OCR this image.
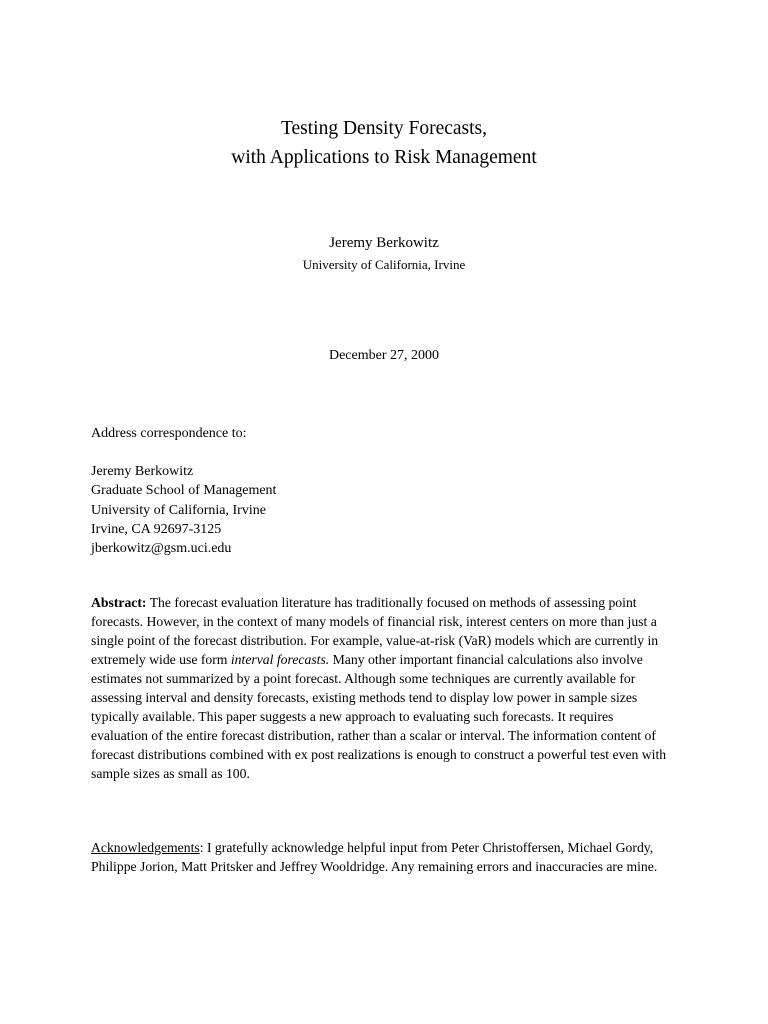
Testing Density Forecasts,
with Applications to Risk Management
Jeremy Berkowitz
University of California, Irvine
December 27, 2000
Address correspondence to:
Jeremy Berkowitz
Graduate School of Management
University of California, Irvine
Irvine, CA 92697-3125
jberkowitz@gsm.uci.edu
Abstract: The forecast evaluation literature has traditionally focused on methods of assessing point
forecasts. However, in the context of many models of financial risk, interest centers on more than just a
single point of the forecast distribution. For example, value-at-risk (VaR) models which are currently in
extremely wide use form interval forecasts. Many other important financial calculations also involve
estimates not summarized by a point forecast. Although some techniques are currently available for
assessing interval and density forecasts, existing methods tend to display low power in sample sizes
typically available. This paper suggests a new approach to evaluating such forecasts. It requires
evaluation of the entire forecast distribution, rather than a scalar or interval. The information content of
forecast distributions combined with ex post realizations is enough to construct a powerful test even with
sample sizes as small as 100.
Acknowledgements: I gratefully acknowledge helpful input from Peter Christoffersen, Michael Gordy,
Philippe Jorion, Matt Pritsker and Jeffrey Wooldridge. Any remaining errors and inaccuracies are mine.
